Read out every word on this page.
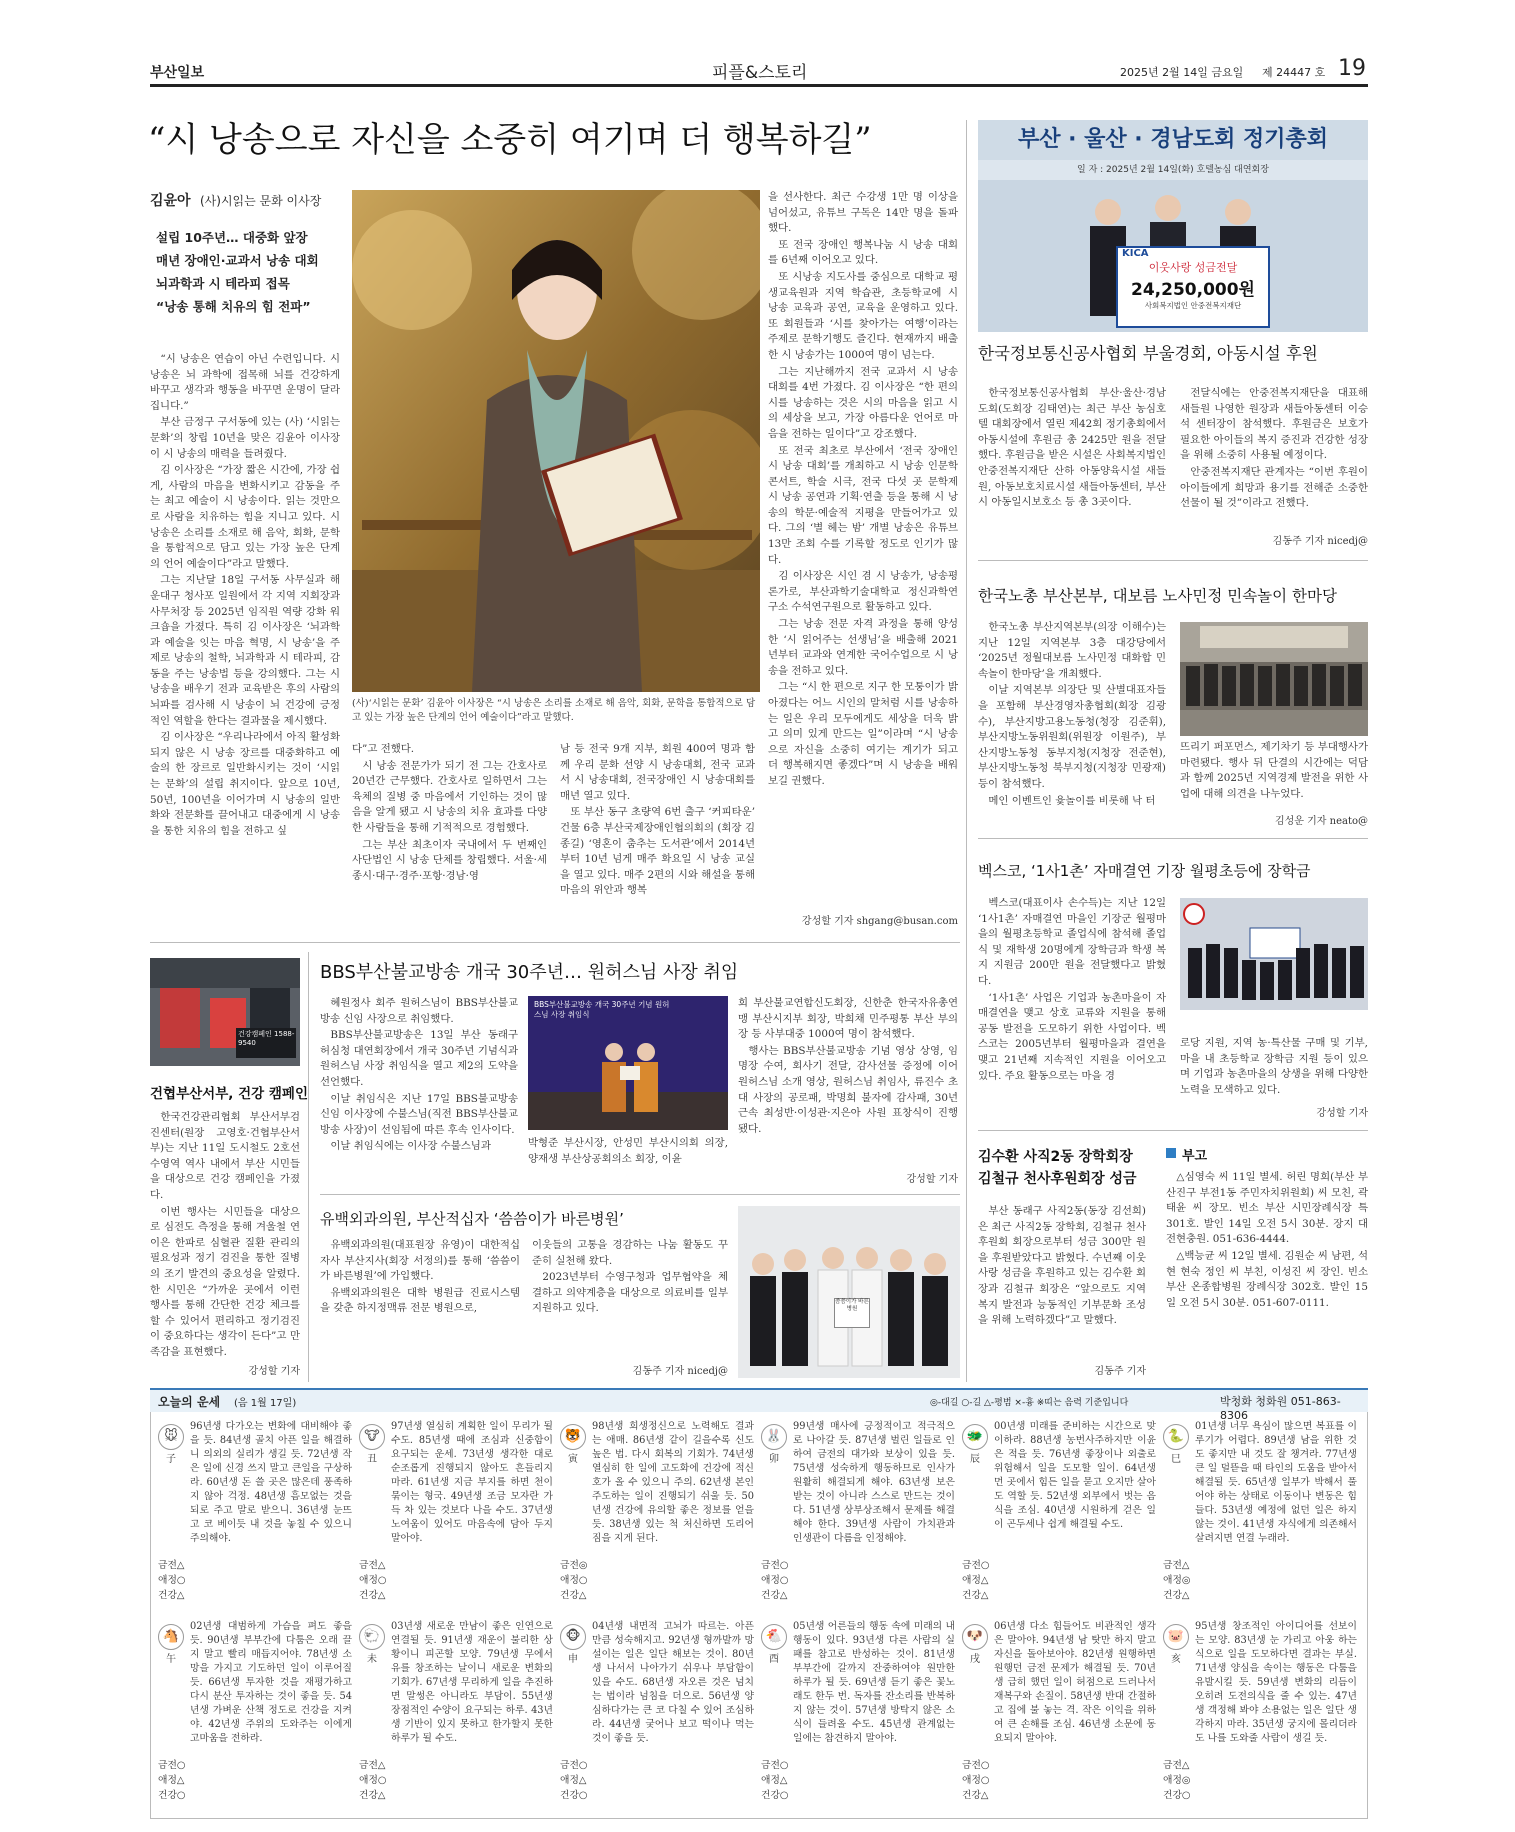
부산일보	피플&스토리	2025년 2월 14일 금요일 제 24447 호 19
“시 낭송으로 자신을 소중히 여기며 더 행복하길”
김윤아 (사)시읽는 문화 이사장
설립 10주년… 대중화 앞장
매년 장애인·교과서 낭송 대회
뇌과학과 시 테라피 접목
“낭송 통해 치유의 힘 전파”

“시 낭송은 연습이 아닌 수련입니다. 시 낭송은 뇌 과학에 접목해 뇌를 건강하게 바꾸고 생각과 행동을 바꾸면 운명이 달라집니다.”

부산 금정구 구서동에 있는 (사) ‘시읽는 문화’의 창립 10년을 맞은 김윤아 이사장이 시 낭송의 매력을 들려줬다.

김 이사장은 “가장 짧은 시간에, 가장 쉽게, 사람의 마음을 변화시키고 감동을 주는 최고 예술이 시 낭송이다. 읽는 것만으로 사람을 치유하는 힘을 지니고 있다. 시 낭송은 소리를 소재로 해 음악, 회화, 문학을 통합적으로 담고 있는 가장 높은 단계의 언어 예술이다”라고 말했다.

그는 지난달 18일 구서동 사무실과 해운대구 청사포 일원에서 각 지역 지회장과 사무처장 등 2025년 임직원 역량 강화 워크숍을 가졌다. 특히 김 이사장은 ‘뇌과학과 예술을 잇는 마음 혁명, 시 낭송’을 주제로 낭송의 철학, 뇌과학과 시 테라피, 감동을 주는 낭송법 등을 강의했다. 그는 시 낭송을 배우기 전과 교육받은 후의 사람의 뇌파를 검사해 시 낭송이 뇌 건강에 긍정적인 역할을 한다는 결과물을 제시했다.

김 이사장은 “우리나라에서 아직 활성화되지 않은 시 낭송 장르를 대중화하고 예술의 한 장르로 일반화시키는 것이 ‘시읽는 문화’의 설립 취지이다. 앞으로 10년, 50년, 100년을 이어가며 시 낭송의 일반화와 전문화를 끌어내고 대중에게 시 낭송을 통한 치유의 힘을 전하고 싶

(사)‘시읽는 문화’ 김윤아 이사장은 “시 낭송은 소리를 소재로 해 음악, 회화, 문학을 통합적으로 담고 있는 가장 높은 단계의 언어 예술이다”라고 말했다.

다”고 전했다.

시 낭송 전문가가 되기 전 그는 간호사로 20년간 근무했다. 간호사로 일하면서 그는 육체의 질병 중 마음에서 기인하는 것이 많음을 알게 됐고 시 낭송의 치유 효과를 다양한 사람들을 통해 기적적으로 경험했다.

그는 부산 최초이자 국내에서 두 번째인 사단법인 시 낭송 단체를 창립했다. 서울·세종시·대구·경주·포항·경남·영

남 등 전국 9개 지부, 회원 400여 명과 함께 우리 문화 선양 시 낭송대회, 전국 교과서 시 낭송대회, 전국장애인 시 낭송대회를 매년 열고 있다.

또 부산 동구 초량역 6번 출구 ‘커피타운’ 건물 6층 부산국제장애인협의회의 (회장 김종길) ‘영혼이 춤추는 도서관’에서 2014년부터 10년 넘게 매주 화요일 시 낭송 교실을 열고 있다. 매주 2편의 시와 해설을 통해 마음의 위안과 행복

을 선사한다. 최근 수강생 1만 명 이상을 넘어섰고, 유튜브 구독은 14만 명을 돌파했다.

또 전국 장애인 행복나눔 시 낭송 대회를 6년째 이어오고 있다.

또 시낭송 지도사를 중심으로 대학교 평생교육원과 지역 학습관, 초등학교에 시 낭송 교육과 공연, 교육을 운영하고 있다. 또 회원들과 ‘시를 찾아가는 여행’이라는 주제로 문학기행도 즐긴다. 현재까지 배출한 시 낭송가는 1000여 명이 넘는다.

그는 지난해까지 전국 교과서 시 낭송 대회를 4번 가졌다. 김 이사장은 “한 편의 시를 낭송하는 것은 시의 마음을 읽고 시의 세상을 보고, 가장 아름다운 언어로 마음을 전하는 일이다”고 강조했다.

또 전국 최초로 부산에서 ‘전국 장애인 시 낭송 대회’를 개최하고 시 낭송 인문학 콘서트, 학술 시극, 전국 다섯 곳 문학제 시 낭송 공연과 기획·연출 등을 통해 시 낭송의 학문·예술적 지평을 만들어가고 있다. 그의 ‘별 헤는 밤’ 개별 낭송은 유튜브 13만 조회 수를 기록할 정도로 인기가 많다.

김 이사장은 시인 겸 시 낭송가, 낭송평론가로, 부산과학기술대학교 정신과학연구소 수석연구원으로 활동하고 있다.

그는 낭송 전문 자격 과정을 통해 양성한 ‘시 읽어주는 선생님’을 배출해 2021년부터 교과와 연계한 국어수업으로 시 낭송을 전하고 있다.

그는 “시 한 편으로 지구 한 모퉁이가 밝아졌다는 어느 시인의 말처럼 시를 낭송하는 일은 우리 모두에게도 세상을 더욱 밝고 의미 있게 만드는 일”이라며 “시 낭송으로 자신을 소중히 여기는 계기가 되고 더 행복해지면 좋겠다”며 시 낭송을 배워보길 권했다.

강성할 기자 shgang@busan.com
부산 · 울산 · 경남도회 정기총회
일 자 : 2025년 2월 14일(화) 호텔농심 대연회장
KICA
이웃사랑 성금전달
24,250,000원
사회복지법인 안중전복지재단
한국정보통신공사협회 부울경회, 아동시설 후원

한국정보통신공사협회 부산·울산·경남도회(도회장 김태연)는 최근 부산 농심호텔 대회장에서 열린 제42회 정기총회에서 아동시설에 후원금 총 2425만 원을 전달했다. 후원금을 받은 시설은 사회복지법인 안중전복지재단 산하 아동양육시설 새들원, 아동보호치료시설 새들아동센터, 부산시 아동일시보호소 등 총 3곳이다.

전달식에는 안중전복지재단을 대표해 새들원 나영한 원장과 새들아동센터 이승석 센터장이 참석했다. 후원금은 보호가 필요한 아이들의 복지 증진과 건강한 성장을 위해 소중히 사용될 예정이다.

안중전복지재단 관계자는 “이번 후원이 아이들에게 희망과 용기를 전해준 소중한 선물이 될 것”이라고 전했다.

김동주 기자 nicedj@
한국노총 부산본부, 대보름 노사민정 민속놀이 한마당

한국노총 부산지역본부(의장 이해수)는 지난 12일 지역본부 3층 대강당에서 ‘2025년 정월대보름 노사민정 대화합 민속놀이 한마당’을 개최했다.

이날 지역본부 의장단 및 산별대표자들을 포함해 부산경영자총협회(회장 김광수), 부산지방고용노동청(청장 김준휘), 부산지방노동위원회(위원장 이원주), 부산지방노동청 동부지청(지청장 전준현), 부산지방노동청 북부지청(지청장 민광재) 등이 참석했다.

메인 이벤트인 윷놀이를 비롯해 낙 터

뜨리기 퍼포먼스, 제기차기 등 부대행사가 마련됐다. 행사 뒤 단결의 시간에는 덕담과 함께 2025년 지역경제 발전을 위한 사업에 대해 의견을 나누었다.

김성운 기자 neato@
벡스코, ‘1사1촌’ 자매결연 기장 월평초등에 장학금

벡스코(대표이사 손수득)는 지난 12일 ‘1사1촌’ 자매결연 마을인 기장군 월평마을의 월평초등학교 졸업식에 참석해 졸업식 및 재학생 20명에게 장학금과 학생 복지 지원금 200만 원을 전달했다고 밝혔다.

‘1사1촌’ 사업은 기업과 농촌마을이 자매결연을 맺고 상호 교류와 지원을 통해 공동 발전을 도모하기 위한 사업이다. 벡스코는 2005년부터 월평마을과 결연을 맺고 21년째 지속적인 지원을 이어오고 있다. 주요 활동으로는 마을 경

로당 지원, 지역 농·특산물 구매 및 기부, 마을 내 초등학교 장학금 지원 등이 있으며 기업과 농촌마을의 상생을 위해 다양한 노력을 모색하고 있다.

강성할 기자
김수환 사직2동 장학회장
김철규 천사후원회장 성금

부산 동래구 사직2동(동장 김선희)은 최근 사직2동 장학회, 김철규 천사후원회 회장으로부터 성금 300만 원을 후원받았다고 밝혔다. 수년째 이웃사랑 성금을 후원하고 있는 김수환 회장과 김철규 회장은 “앞으로도 지역복지 발전과 능동적인 기부문화 조성을 위해 노력하겠다”고 말했다.

김동주 기자
부고

△심영숙 씨 11일 별세. 허린 명희(부산 부산진구 부전1동 주민자치위원회) 씨 모친, 곽태윤 씨 장모. 빈소 부산 시민장례식장 특301호. 발인 14일 오전 5시 30분. 장지 대전현충원. 051-636-4444.

△백능균 씨 12일 별세. 김원순 씨 남편, 석현 현숙 정인 씨 부친, 이성진 씨 장인. 빈소 부산 온종합병원 장례식장 302호. 발인 15일 오전 5시 30분. 051-607-0111.

건강캠페인 1588-9540
건협부산서부, 건강 캠페인

한국건강관리협회 부산서부검진센터(원장 고영호·건협부산서부)는 지난 11일 도시철도 2호선 수영역 역사 내에서 부산 시민들을 대상으로 건강 캠페인을 가졌다.

이번 행사는 시민들을 대상으로 심전도 측정을 통해 겨울철 연이은 한파로 심혈관 질환 관리의 필요성과 정기 검진을 통한 질병의 조기 발견의 중요성을 알렸다. 한 시민은 “가까운 곳에서 이런 행사를 통해 간단한 건강 체크를 할 수 있어서 편리하고 정기검진이 중요하다는 생각이 든다”고 만족감을 표현했다.

강성할 기자
BBS부산불교방송 개국 30주년… 원허스님 사장 취임

혜원정사 회주 원허스님이 BBS부산불교방송 신임 사장으로 취임했다.

BBS부산불교방송은 13일 부산 동래구 허심청 대연회장에서 개국 30주년 기념식과 원허스님 사장 취임식을 열고 제2의 도약을 선언했다.

이날 취임식은 지난 17일 BBS불교방송 신임 이사장에 수불스님(직전 BBS부산불교방송 사장)이 선임됨에 따른 후속 인사이다.

이날 취임식에는 이사장 수불스님과

BBS부산불교방송 개국 30주년 기념 원허스님 사장 취임식

박형준 부산시장, 안성민 부산시의회 의장, 양재생 부산상공회의소 회장, 이윤

희 부산불교연합신도회장, 신한춘 한국자유총연맹 부산시지부 회장, 박희채 민주평통 부산 부의장 등 사부대중 1000여 명이 참석했다.

행사는 BBS부산불교방송 기념 영상 상영, 임명장 수여, 회사기 전달, 감사선물 증정에 이어 원허스님 소개 영상, 원허스님 취임사, 류진수 초대 사장의 공로패, 박명희 불자에 감사패, 30년 근속 최성반·이성관·지은아 사원 표창식이 진행됐다.

강성할 기자
유백외과의원, 부산적십자 ‘씀씀이가 바른병원’

유백외과의원(대표원장 유영)이 대한적십자사 부산지사(회장 서정의)를 통해 ‘씀씀이가 바른병원’에 가입했다.

유백외과의원은 대학 병원급 진료시스템을 갖춘 하지정맥류 전문 병원으로,

이웃들의 고통을 경감하는 나눔 활동도 꾸준히 실천해 왔다.

2023년부터 수영구청과 업무협약을 체결하고 의약계층을 대상으로 의료비를 일부 지원하고 있다.

김동주 기자 nicedj@
씀씀이가 바른병원
오늘의 운세 (음 1월 17일)	◎-대길 ○-길 △-평범 ×-흉 ※띠는 음력 기준입니다	박청화 청화원 051-863-8306
🐭
子
96년생 다가오는 변화에 대비해야 좋을 듯. 84년생 골치 아픈 일을 해결하니 의외의 실리가 생길 듯. 72년생 작은 일에 신경 쓰지 말고 큰일을 구상하라. 60년생 돈 쓸 곳은 많은데 풍족하지 않아 걱정. 48년생 흠모없는 것을 되로 주고 말로 받으니. 36년생 눈뜨고 코 베이듯 내 것을 놓칠 수 있으니 주의해야.
금전△
애정○
건강△
🐮
丑
97년생 열심히 계획한 일이 무리가 될 수도. 85년생 때에 조심과 신중함이 요구되는 운세. 73년생 생각한 대로 순조롭게 진행되지 않아도 흔들리지 마라. 61년생 지금 부지를 하면 천이 묶이는 형국. 49년생 조금 모자란 가득 차 있는 것보다 나을 수도. 37년생 노여움이 있어도 마음속에 담아 두지 말아야.
금전△
애정○
건강△
🐯
寅
98년생 희생정신으로 노력해도 결과는 애매. 86년생 같이 길을수록 신도 높은 법. 다시 회복의 기회가. 74년생 열심히 한 일에 고도화에 건강에 적신호가 올 수 있으니 주의. 62년생 본인 주도하는 일이 진행되기 쉬울 듯. 50년생 건강에 유의할 좋은 정보를 얻을 듯. 38년생 있는 척 처신하면 도리어 짐을 지게 된다.
금전◎
애정○
건강△
🐰
卯
99년생 매사에 긍정적이고 적극적으로 나아갈 듯. 87년생 벌린 일들로 인하여 금전의 대가와 보상이 있을 듯. 75년생 성숙하게 행동하므로 인사가 원활히 해결되게 해야. 63년생 보은 받는 것이 아니라 스스로 만드는 것이다. 51년생 상부상조해서 문제를 해결해야 한다. 39년생 사람이 가치관과 인생관이 다름을 인정해야.
금전○
애정○
건강△
🐲
辰
00년생 미래를 준비하는 시간으로 맞이하라. 88년생 농번사주하지만 이윤은 적을 듯. 76년생 좋장이나 외출로 위험해서 일을 도모할 일이. 64년생 먼 곳에서 힘든 일을 묻고 오지만 살아도 역할 듯. 52년생 외부에서 벗는 음식을 조심. 40년생 시원하게 걷은 일이 곤두세나 쉽게 해결될 수도.
금전○
애정△
건강△
🐍
巳
01년생 너무 욕심이 많으면 복표를 이루기가 어렵다. 89년생 남을 위한 것도 좋지만 내 것도 잘 챙겨라. 77년생 큰 일 덜뜯을 때 타인의 도움을 받아서 해결될 듯. 65년생 일부가 박해서 풀어야 하는 상태로 이동이나 변동은 힘들다. 53년생 예정에 없던 일은 하지 않는 것이. 41년생 자식에게 의존해서 살려지면 연결 누래라.
금전△
애정◎
건강△
🐴
午
02년생 대범하게 가슴을 펴도 좋을 듯. 90년생 부부간에 다툼은 오래 끌지 말고 빨리 매듭지어야. 78년생 소망을 가지고 기도하던 일이 이루어질 듯. 66년생 투자한 것을 재평가하고 다시 분산 투자하는 것이 좋을 듯. 54년생 가벼운 산책 정도로 건강을 지켜야. 42년생 주위의 도와주는 이에게 고마움을 전하라.
금전○
애정△
건강○
🐑
未
03년생 새로운 만남이 좋은 인연으로 연결될 듯. 91년생 재운이 불리한 상황이니 피곤할 모양. 79년생 무에서 유를 창조하는 날이니 새로운 변화의 기회가. 67년생 무리하게 일을 추진하면 말썽은 아니라도 부담이. 55년생 장점적인 수양이 요구되는 하루. 43년생 기반이 있지 못하고 한가할지 못한 하루가 될 수도.
금전△
애정○
건강△
🐵
申
04년생 내면적 고뇌가 따르는. 아픈 만큼 성숙해지고. 92년생 형까발까 망설이는 일은 일단 해보는 것이. 80년생 나서서 나아가기 쉬우나 부담함이 있을 수도. 68년생 자오른 것은 넘치는 법이라 넘침을 더으로. 56년생 양심하다가는 큰 코 다칠 수 있어 조심하라. 44년생 궂어나 보고 떡이나 먹는 것이 좋을 듯.
금전○
애정△
건강○
🐔
酉
05년생 어른들의 행동 속에 미래의 내 행동이 있다. 93년생 다른 사람의 실패를 참고로 반성하는 것이. 81년생 부부간에 갈까지 잔중하여야 원만한 하루가 될 듯. 69년생 듣기 좋은 꽃노래도 한두 번. 독자를 잔소리를 반복하지 않는 것이. 57년생 방탁지 않은 소식이 들려올 수도. 45년생 관계없는 일에는 참견하지 말아야.
금전○
애정△
건강○
🐶
戌
06년생 다소 힘들어도 비관적인 생각은 말아야. 94년생 남 탓만 하지 말고 자신을 돌아보아야. 82년생 원행하면 원행던 금전 문제가 해결될 듯. 70년생 급히 했던 일이 허점으로 드러나서 재복구와 손질이. 58년생 반대 간절하고 집에 불 놓는 격. 작은 이익을 위하여 큰 손해를 조심. 46년생 소문에 동요되지 말아야.
금전○
애정○
건강△
🐷
亥
95년생 창조적인 아이디어를 선보이는 모양. 83년생 눈 가리고 아웅 하는 식으로 일을 도모하다면 결과는 부실. 71년생 양심을 속이는 행동은 다툼을 유발시킬 듯. 59년생 변화의 리듬이 오히려 도전의식을 줄 수 있는. 47년생 객정해 봐야 소용없는 일은 일단 생각하지 마라. 35년생 궁지에 몰리더라도 나를 도와줄 사람이 생길 듯.
금전△
애정◎
건강○
